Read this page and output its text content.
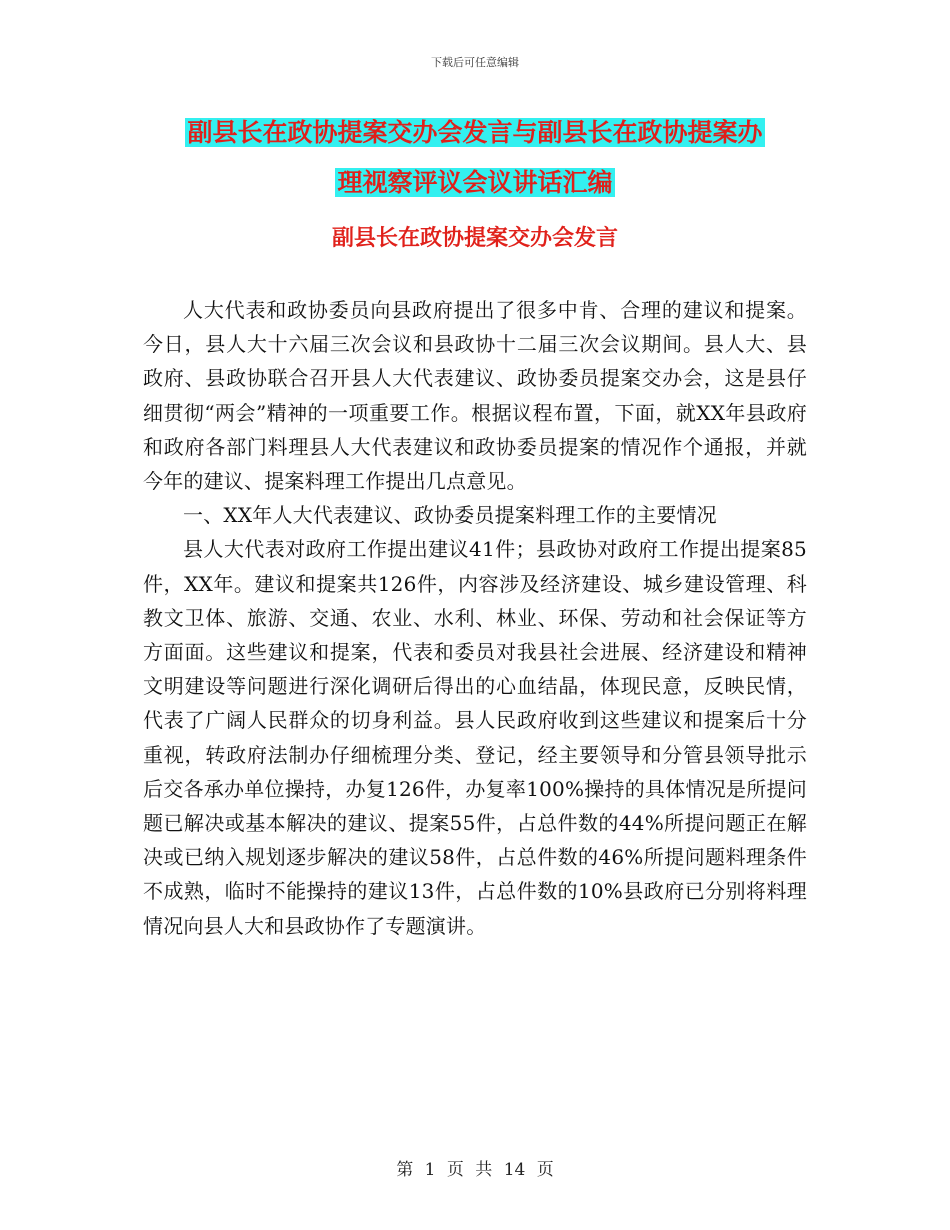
下载后可任意编辑
副县长在政协提案交办会发言与副县长在政协提案办
理视察评议会议讲话汇编
副县长在政协提案交办会发言

人大代表和政协委员向县政府提出了很多中肯、合理的建议和提案。今日，县人大十六届三次会议和县政协十二届三次会议期间。县人大、县政府、县政协联合召开县人大代表建议、政协委员提案交办会，这是县仔细贯彻“两会”精神的一项重要工作。根据议程布置，下面，就XX年县政府和政府各部门料理县人大代表建议和政协委员提案的情况作个通报，并就今年的建议、提案料理工作提出几点意见。

一、XX年人大代表建议、政协委员提案料理工作的主要情况

县人大代表对政府工作提出建议41件；县政协对政府工作提出提案85件，XX年。建议和提案共126件，内容涉及经济建设、城乡建设管理、科教文卫体、旅游、交通、农业、水利、林业、环保、劳动和社会保证等方方面面。这些建议和提案，代表和委员对我县社会进展、经济建设和精神文明建设等问题进行深化调研后得出的心血结晶，体现民意，反映民情，代表了广阔人民群众的切身利益。县人民政府收到这些建议和提案后十分重视，转政府法制办仔细梳理分类、登记，经主要领导和分管县领导批示后交各承办单位操持，办复126件，办复率100%操持的具体情况是所提问题已解决或基本解决的建议、提案55件，占总件数的44%所提问题正在解决或已纳入规划逐步解决的建议58件，占总件数的46%所提问题料理条件不成熟，临时不能操持的建议13件，占总件数的10%县政府已分别将料理情况向县人大和县政协作了专题演讲。

第 1 页 共 14 页
